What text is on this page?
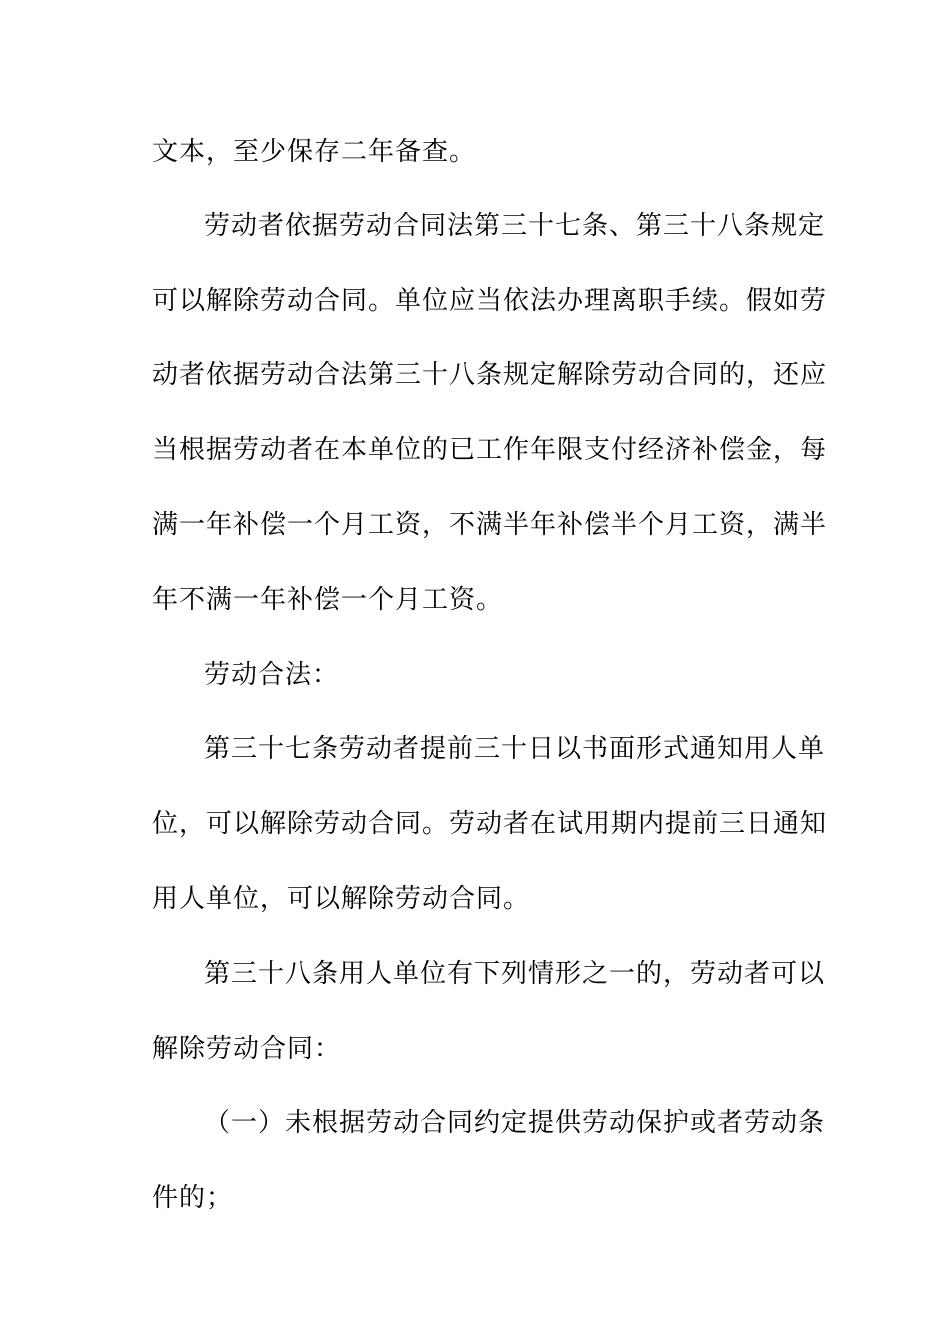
文本，至少保存二年备查。
劳动者依据劳动合同法第三十七条、第三十八条规定
可以解除劳动合同。单位应当依法办理离职手续。假如劳
动者依据劳动合法第三十八条规定解除劳动合同的，还应
当根据劳动者在本单位的已工作年限支付经济补偿金，每
满一年补偿一个月工资，不满半年补偿半个月工资，满半
年不满一年补偿一个月工资。
劳动合法：
第三十七条劳动者提前三十日以书面形式通知用人单
位，可以解除劳动合同。劳动者在试用期内提前三日通知
用人单位，可以解除劳动合同。
第三十八条用人单位有下列情形之一的，劳动者可以
解除劳动合同：
（一）未根据劳动合同约定提供劳动保护或者劳动条
件的；
